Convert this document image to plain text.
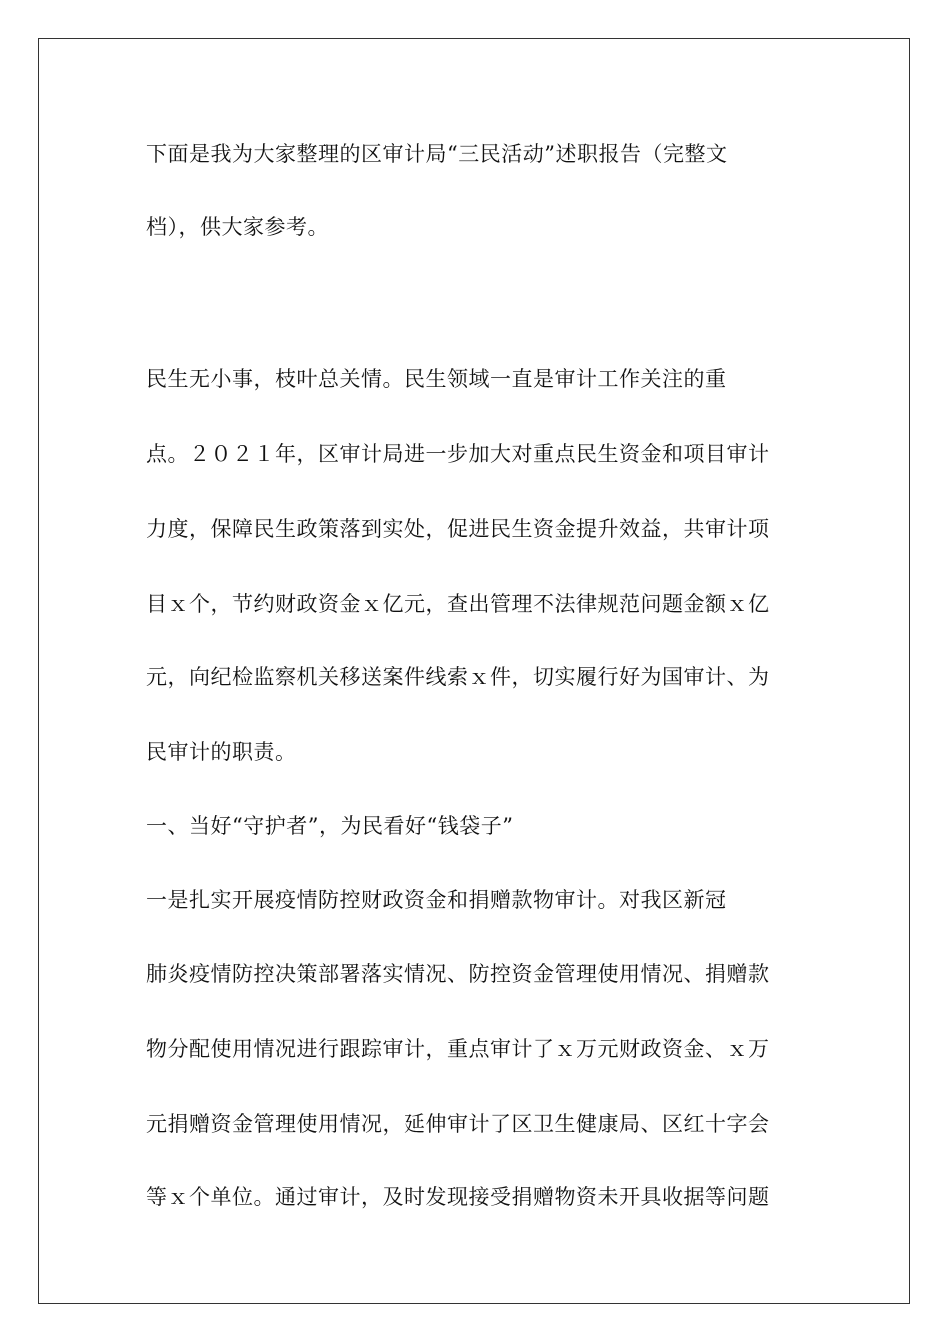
下面是我为大家整理的区审计局“三民活动”述职报告（完整文
档），供大家参考。
民生无小事，枝叶总关情。民生领域一直是审计工作关注的重
点。２０２１年，区审计局进一步加大对重点民生资金和项目审计
力度，保障民生政策落到实处，促进民生资金提升效益，共审计项
目ｘ个，节约财政资金ｘ亿元，查出管理不法律规范问题金额ｘ亿
元，向纪检监察机关移送案件线索ｘ件，切实履行好为国审计、为
民审计的职责。
一、当好“守护者”，为民看好“钱袋子”
一是扎实开展疫情防控财政资金和捐赠款物审计。对我区新冠
肺炎疫情防控决策部署落实情况、防控资金管理使用情况、捐赠款
物分配使用情况进行跟踪审计，重点审计了ｘ万元财政资金、ｘ万
元捐赠资金管理使用情况，延伸审计了区卫生健康局、区红十字会
等ｘ个单位。通过审计，及时发现接受捐赠物资未开具收据等问题
